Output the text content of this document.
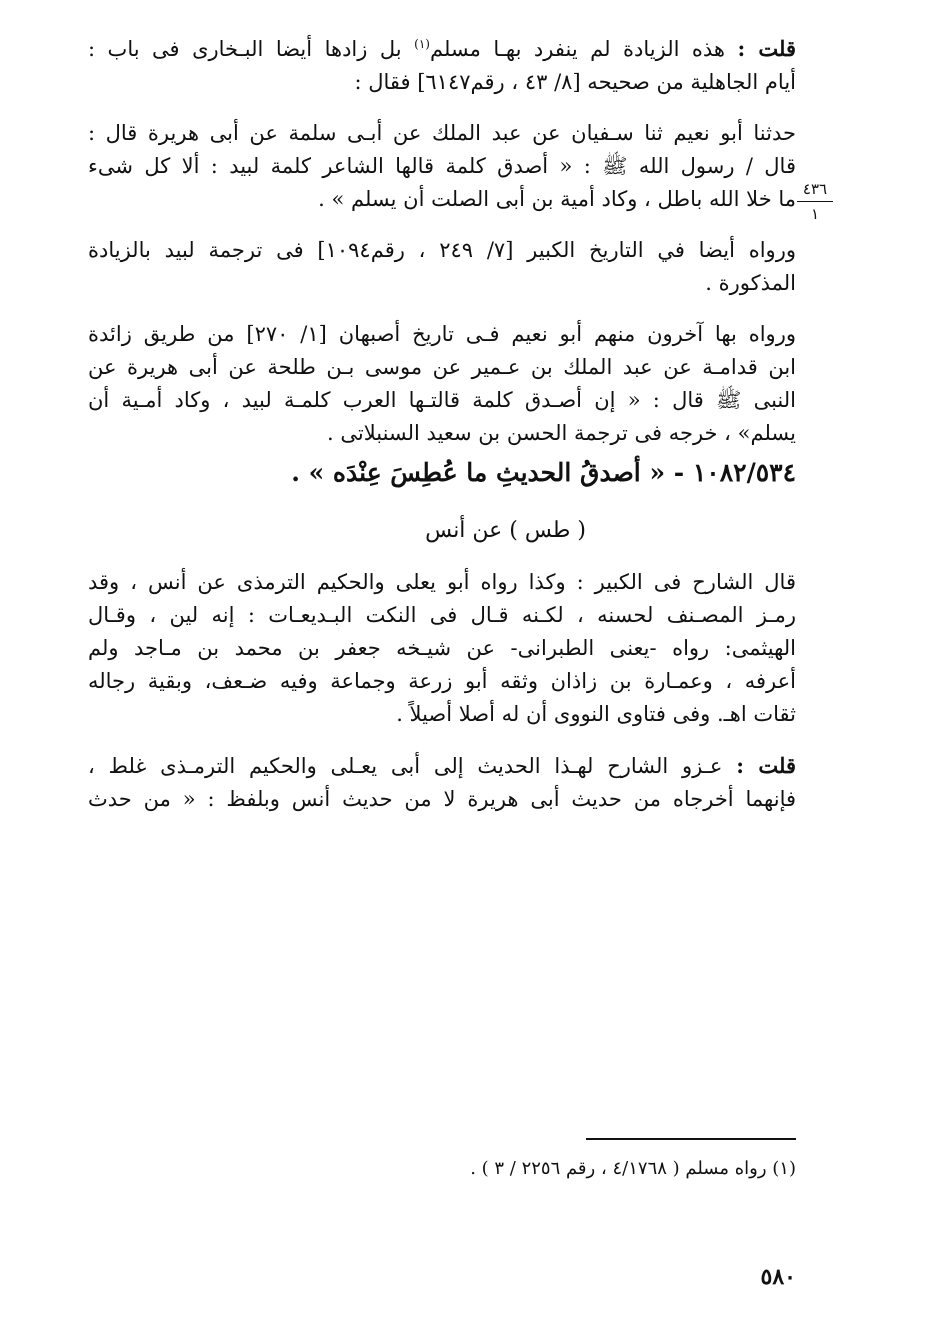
قلت : هذه الزيادة لم ينفرد بهـا مسلم$^{(١)}$ بل زادها أيضا البـخارى فى باب :
أيام الجاهلية من صحيحه [٨/ ٤٣ ، رقم٦١٤٧] فقال :
حدثنا أبو نعيم ثنا سـفيان عن عبد الملك عن أبـى سلمة عن أبى هريرة قال :
قال / رسول الله ﷺ : « أصدق كلمة قالها الشاعر كلمة لبيد : ألا كل شىء
ما خلا الله باطل ، وكاد أمية بن أبى الصلت أن يسلم » .
ورواه أيضا في التاريخ الكبير [٧/ ٢٤٩ ، رقم١٠٩٤] فى ترجمة لبيد بالزيادة
المذكورة .
ورواه بها آخرون منهم أبو نعيم فـى تاريخ أصبهان [١/ ٢٧٠] من طريق زائدة
ابن قدامـة عن عبد الملك بن عـمير عن موسى بـن طلحة عن أبى هريرة عن
النبى ﷺ قال : « إن أصـدق كلمة قالتـها العرب كلمـة لبيد ، وكاد أمـية أن
يسلم» ، خرجه فى ترجمة الحسن بن سعيد السنبلاتى .
١٠٨٢/٥٣٤ - « أصدقُ الحديثِ ما عُطِسَ عِنْدَه » .
( طس ) عن أنس
قال الشارح فى الكبير : وكذا رواه أبو يعلى والحكيم الترمذى عن أنس ، وقد
رمـز المصـنف لحسنه ، لكـنه قـال فى النكت البـديعـات : إنه لين ، وقـال
الهيثمى: رواه -يعنى الطبرانى- عن شيـخه جعفر بن محمد بن مـاجد ولم
أعرفه ، وعمـارة بن زاذان وثقه أبو زرعة وجماعة وفيه ضـعف، وبقية رجاله
ثقات اهـ. وفى فتاوى النووى أن له أصلا أصيلاً .
قلت : عـزو الشارح لهـذا الحديث إلى أبى يعـلى والحكيم الترمـذى غلط ،
فإنهما أخرجاه من حديث أبى هريرة لا من حديث أنس وبلفظ : « من حدث
٤٣٦
١
(١) رواه مسلم ( ٤/١٧٦٨ ، رقم ٢٢٥٦ / ٣ ) .
٥٨٠
